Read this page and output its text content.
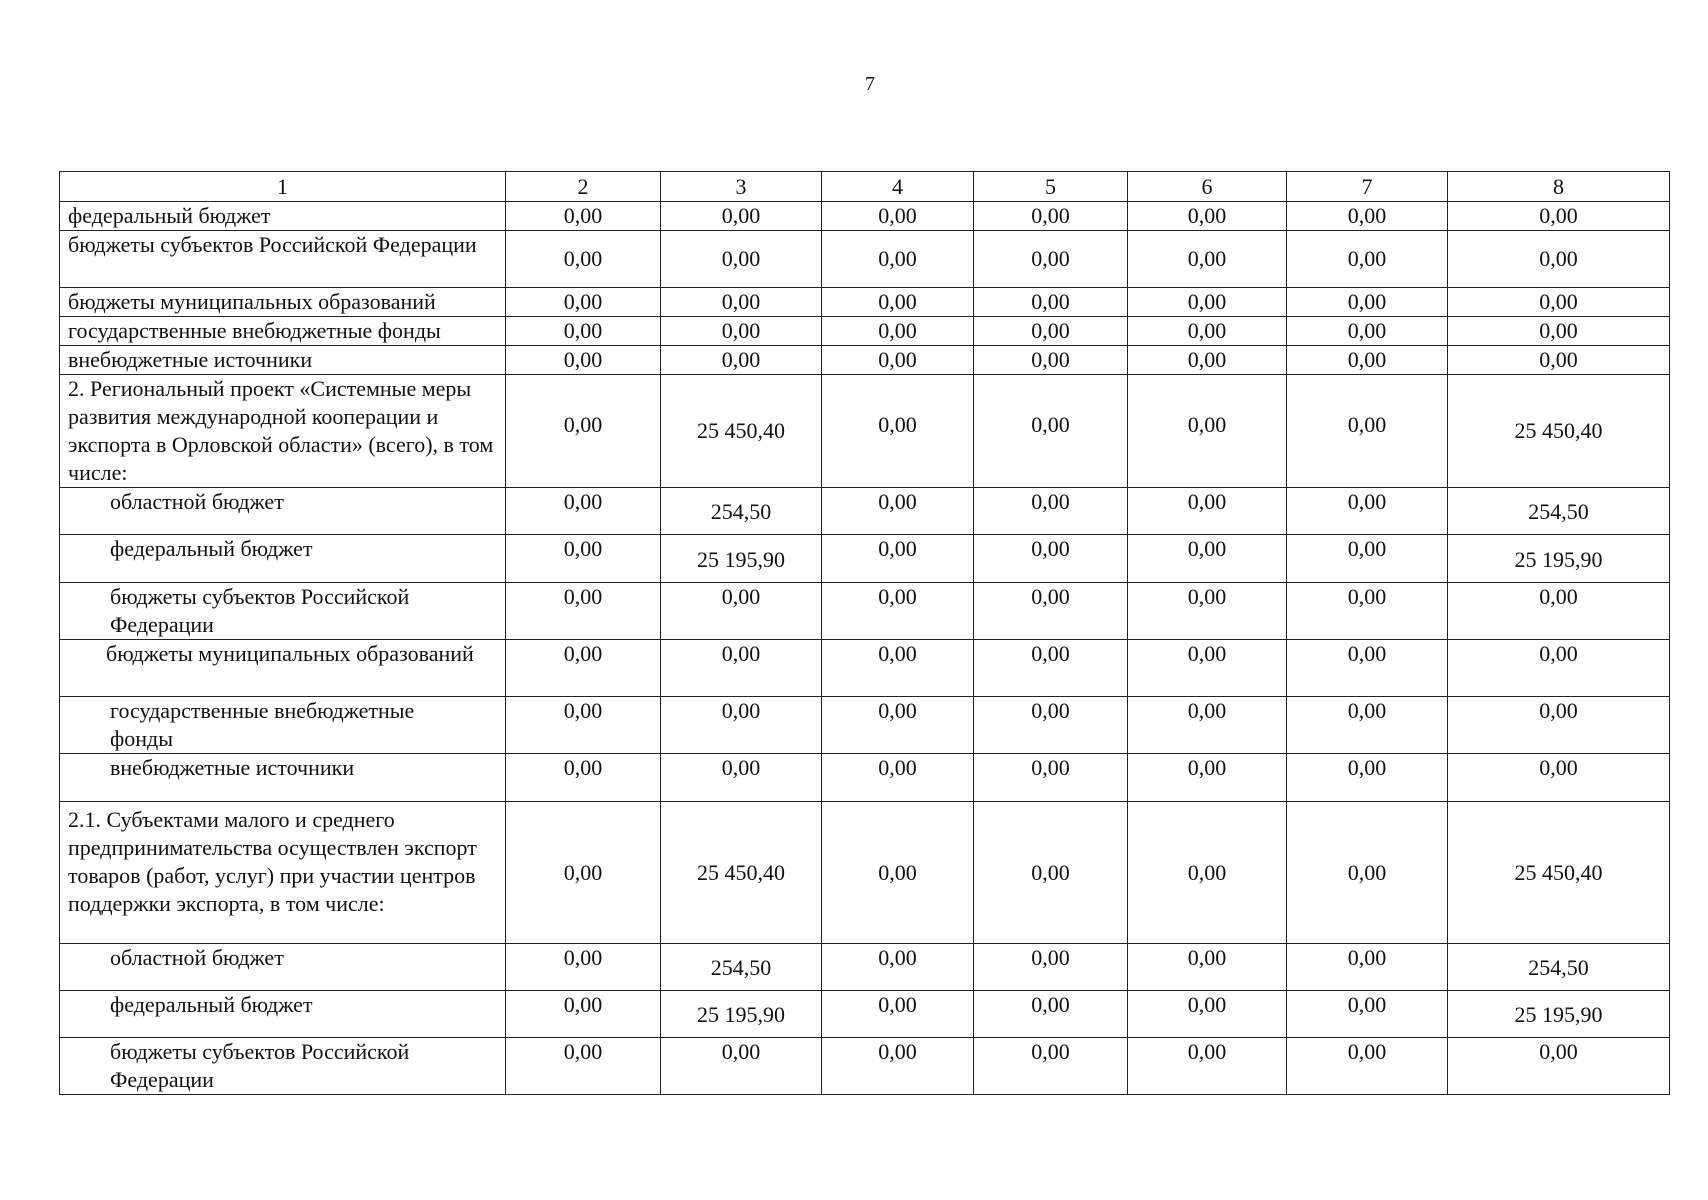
7
1	2	3	4	5	6	7	8
федеральный бюджет	0,00	0,00	0,00	0,00	0,00	0,00	0,00
бюджеты субъектов Российской Федерации	0,00	0,00	0,00	0,00	0,00	0,00	0,00
бюджеты муниципальных образований	0,00	0,00	0,00	0,00	0,00	0,00	0,00
государственные внебюджетные фонды	0,00	0,00	0,00	0,00	0,00	0,00	0,00
внебюджетные источники	0,00	0,00	0,00	0,00	0,00	0,00	0,00
2. Региональный проект «Системные меры развития международной кооперации и экспорта в Орловской области» (всего), в том числе:	0,00	25 450,40	0,00	0,00	0,00	0,00	25 450,40
областной бюджет	0,00	254,50	0,00	0,00	0,00	0,00	254,50
федеральный бюджет	0,00	25 195,90	0,00	0,00	0,00	0,00	25 195,90
бюджеты субъектов Российской Федерации	0,00	0,00	0,00	0,00	0,00	0,00	0,00
бюджеты муниципальных образований	0,00	0,00	0,00	0,00	0,00	0,00	0,00
государственные внебюджетные фонды	0,00	0,00	0,00	0,00	0,00	0,00	0,00
внебюджетные источники	0,00	0,00	0,00	0,00	0,00	0,00	0,00
2.1. Субъектами малого и среднего предпринимательства осуществлен экспорт товаров (работ, услуг) при участии центров поддержки экспорта, в том числе:	0,00	25 450,40	0,00	0,00	0,00	0,00	25 450,40
областной бюджет	0,00	254,50	0,00	0,00	0,00	0,00	254,50
федеральный бюджет	0,00	25 195,90	0,00	0,00	0,00	0,00	25 195,90
бюджеты субъектов Российской Федерации	0,00	0,00	0,00	0,00	0,00	0,00	0,00
